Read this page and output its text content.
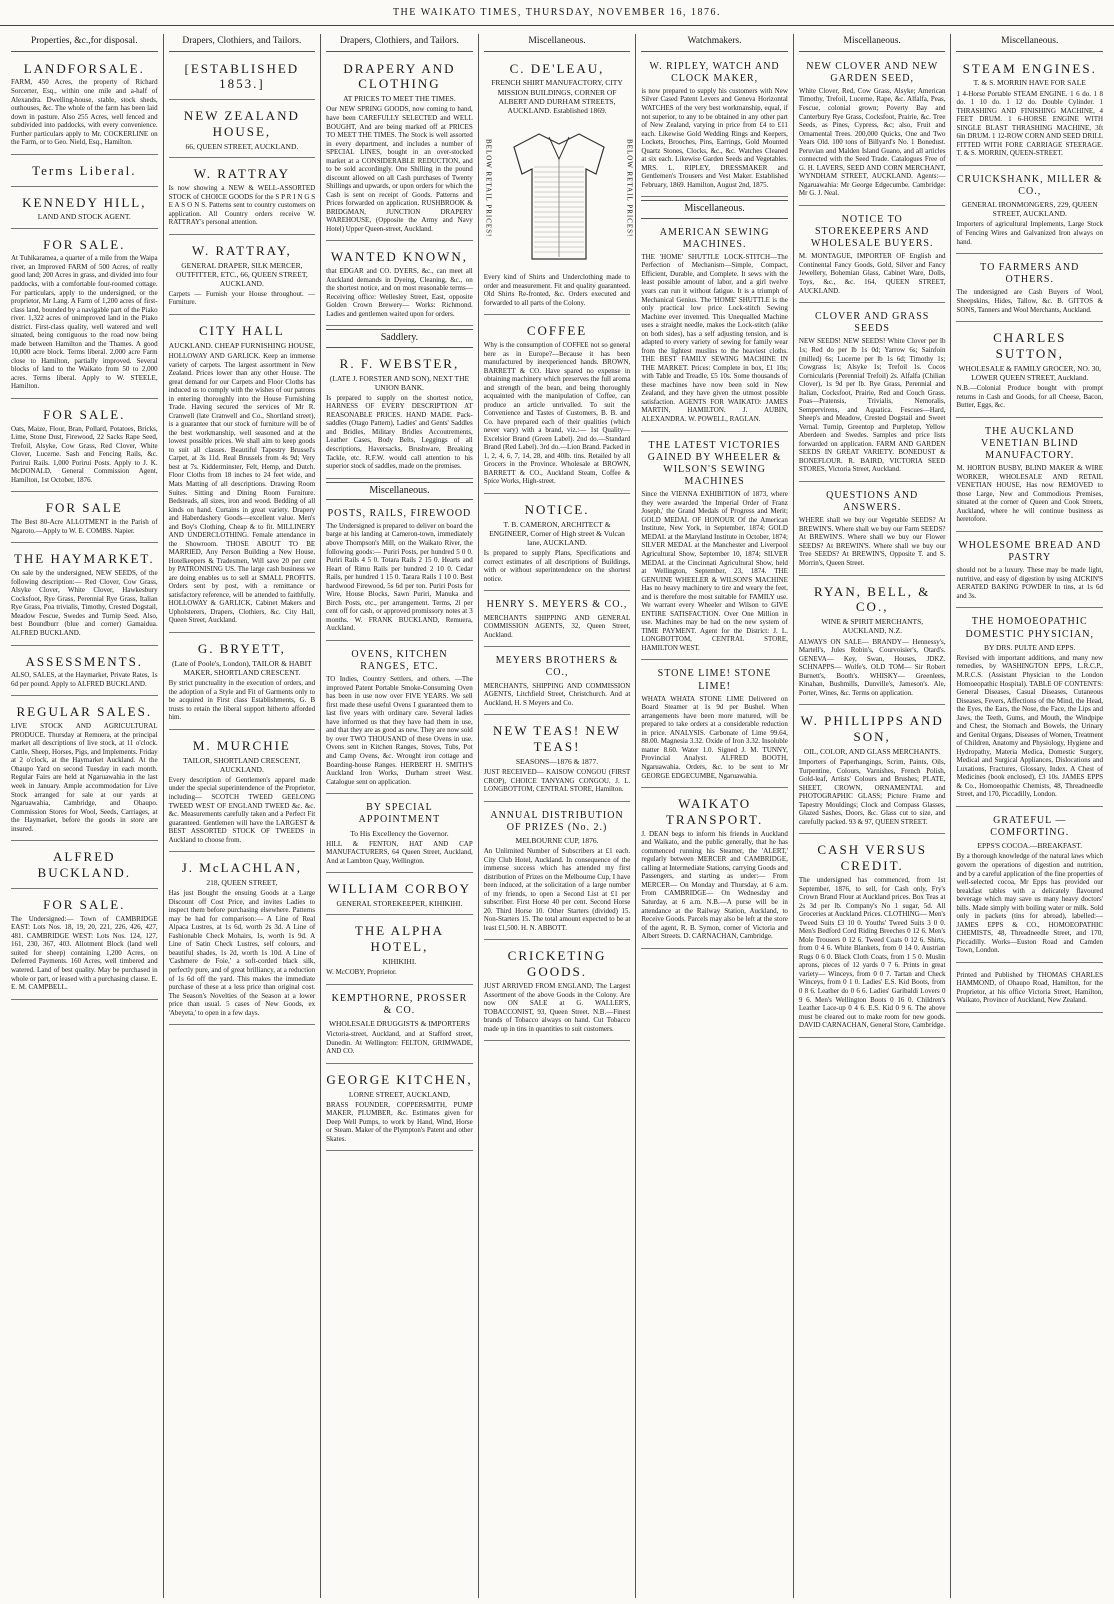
THE WAIKATO TIMES, THURSDAY, NOVEMBER 16, 1876.
Properties, &c.,for disposal.
LANDFORSALE.
FARM, 450 Acres, the property of Richard Sorcerter, Esq., within one mile and a-half of Alexandra. Dwelling-house, stable, stock sheds, outhouses, &c. The whole of the farm has been laid down in pasture. Also 255 Acres, well fenced and subdivided into paddocks, with every convenience. Further particulars apply to Mr. COCKERLINE on the Farm, or to Geo. Nield, Esq., Hamilton.
Terms Liberal.
KENNEDY HILL,
LAND AND STOCK AGENT.
FOR SALE.
At Tuhikaramea, a quarter of a mile from the Waipa river, an Improved FARM of 500 Acres, of really good land; 200 Acres in grass, and divided into four paddocks, with a comfortable four-roomed cottage. For particulars, apply to the undersigned, or the proprietor, Mr Lang. A Farm of 1,200 acres of first-class land, bounded by a navigable part of the Piako river. 1,322 acres of unimproved land in the Piako district. First-class quality, well watered and well situated, being contiguous to the road now being made between Hamilton and the Thames. A good 10,000 acre block. Terms liberal. 2,000 acre Farm close to Hamilton, partially improved. Several blocks of land to the Waikato from 50 to 2,000 acres. Terms liberal. Apply to W. STEELE, Hamilton.
FOR SALE.
Oats, Maize, Flour, Bran, Pollard, Potatoes, Bricks, Lime, Stone Dust, Firewood, 22 Sacks Rape Seed, Trefoil, Alsyke, Cow Grass, Red Clover, White Clover, Lucerne. Sash and Fencing Rails, &c. Porirui Rails. 1,000 Porirui Posts. Apply to J. K. McDONALD, General Commission Agent, Hamilton, 1st October, 1876.
FOR SALE
The Best 80-Acre ALLOTMENT in the Parish of Ngaroto.—Apply to W. E. COMBS. Napier.
THE HAYMARKET.
On sale by the undersigned, NEW SEEDS, of the following description:— Red Clover, Cow Grass, Alsyke Clover, White Clover, Hawkesbury Cocksfoot, Rye Grass, Perennial Rye Grass, Italian Rye Grass, Poa trivialis, Timothy, Crested Dogstail, Meadow Fescue, Swedes and Turnip Seed. Also, best Boundburr (blue and corner) Gamaidua. ALFRED BUCKLAND.
ASSESSMENTS.
ALSO, SALES, at the Haymarket, Private Rates, 1s 6d per pound. Apply to ALFRED BUCKLAND.
REGULAR SALES.
LIVE STOCK AND AGRICULTURAL PRODUCE. Thursday at Remuera, at the principal market all descriptions of live stock, at 11 o'clock. Cattle, Sheep, Horses, Pigs, and Implements. Friday at 2 o'clock, at the Haymarket Auckland. At the Ohaupo Yard on second Tuesday in each month. Regular Fairs are held at Ngaruawahia in the last week in January. Ample accommodation for Live Stock arranged for sale at our yards at Ngaruawahia, Cambridge, and Ohaupo. Commission Stores for Wool, Seeds, Carriages, at the Haymarket, before the goods in store are insured.
ALFRED BUCKLAND.
FOR SALE.
The Undersigned:— Town of CAMBRIDGE EAST: Lots Nos. 18, 19, 20, 221, 226, 426, 427, 481. CAMBRIDGE WEST: Lots Nos. 124, 127, 161, 230, 367, 403. Allotment Block (land well suited for sheep) containing 1,200 Acres, on Deferred Payments. 160 Acres, well timbered and watered. Land of best quality. May be purchased in whole or part, or leased with a purchasing clause. E. E. M. CAMPBELL.
Drapers, Clothiers, and Tailors.
[ESTABLISHED 1853.]
NEW ZEALAND HOUSE,
66, QUEEN STREET, AUCKLAND.
W. RATTRAY
Is now showing a NEW & WELL-ASSORTED STOCK of CHOICE GOODS for the S P R I N G S E A S O N S. Patterns sent to country customers on application. All Country orders receive W. RATTRAY's personal attention.
W. RATTRAY,
GENERAL DRAPER, SILK MERCER, OUTFITTER, ETC., 66, QUEEN STREET, AUCKLAND.
Carpets — Furnish your House throughout. — Furniture.
CITY HALL
AUCKLAND. CHEAP FURNISHING HOUSE,
HOLLOWAY AND GARLICK. Keep an immense variety of carpets. The largest assortment in New Zealand. Prices lower than any other House. The great demand for our Carpets and Floor Cloths has induced us to comply with the wishes of our patrons in entering thoroughly into the House Furnishing Trade. Having secured the services of Mr R. Cranwell (late Cranwell and Co., Shortland street), is a guarantee that our stock of furniture will be of the best workmanship, well seasoned and at the lowest possible prices. We shall aim to keep goods to suit all classes. Beautiful Tapestry Brussel's Carpet, at 3s 11d. Real Brussels from 4s 9d; Very best at 7s. Kidderminster, Felt, Hemp, and Dutch. Floor Cloths from 18 inches to 24 feet wide, and Mats Matting of all descriptions. Drawing Room Suites. Sitting and Dining Room Furniture. Bedsteads, all sizes, iron and wood. Bedding of all kinds on hand. Curtains in great variety. Drapery and Haberdashery Goods—excellent value. Men's and Boy's Clothing, Cheap & to fit. MILLINERY AND UNDERCLOTHING. Female attendance in the Showroom. THOSE ABOUT TO BE MARRIED, Any Person Building a New House, Hotelkeepers & Tradesmen, Will save 20 per cent by PATRONISING US. The large cash business we are doing enables us to sell at SMALL PROFITS. Orders sent by post, with a remittance or satisfactory reference, will be attended to faithfully. HOLLOWAY & GARLICK, Cabinet Makers and Upholsterers, Drapers, Clothiers, &c. City Hall, Queen Street, Auckland.
G. BRYETT,
(Late of Poole's, London), TAILOR & HABIT MAKER, SHORTLAND CRESCENT.
By strict punctuality in the execution of orders, and the adoption of a Style and Fit of Garments only to be acquired in First class Establishments, G. B trusts to retain the liberal support hitherto afforded him.
M. MURCHIE
TAILOR, SHORTLAND CRESCENT, AUCKLAND.
Every description of Gentlemen's apparel made under the special superintendence of the Proprietor, including— SCOTCH TWEED GEELONG TWEED WEST OF ENGLAND TWEED &c. &c. &c. Measurements carefully taken and a Perfect Fit guaranteed. Gentlemen will have the LARGEST & BEST ASSORTED STOCK OF TWEEDS in Auckland to choose from.
J. McLACHLAN,
218, QUEEN STREET,
Has just Bought the ensuing Goods at a Large Discount off Cost Price, and invites Ladies to inspect them before purchasing elsewhere. Patterns may be had for comparison:— A Line of Real Alpaca Lustres, at 1s 6d, worth 2s 3d. A Line of Fashionable Check Mohairs, 1s, worth 1s 9d. A Line of Satin Check Lustres, self colours, and beautiful shades, 1s 2d, worth 1s 10d. A Line of 'Cashmere de Foie,' a soft-corded black silk, perfectly pure, and of great brilliancy, at a reduction of 1s 6d off the yard. This makes the immediate purchase of these at a less price than original cost. The Season's Novelties of the Season at a lower price than usual. 5 cases of New Goods, ex 'Abeyeta,' to open in a few days.
Drapers, Clothiers, and Tailors.
DRAPERY AND CLOTHING
AT PRICES TO MEET THE TIMES.
Our NEW SPRING GOODS, now coming to hand, have been CAREFULLY SELECTED and WELL BOUGHT, And are being marked off at PRICES TO MEET THE TIMES. The Stock is well assorted in every department, and includes a number of SPECIAL LINES, bought in an over-stocked market at a CONSIDERABLE REDUCTION, and to be sold accordingly. One Shilling in the pound discount allowed on all Cash purchases of Twenty Shillings and upwards, or upon orders for which the Cash is sent on receipt of Goods. Patterns and Prices forwarded on application. RUSHBROOK & BRIDGMAN, JUNCTION DRAPERY WAREHOUSE, (Opposite the Army and Navy Hotel) Upper Queen-street, Auckland.
WANTED KNOWN,
that EDGAR and CO. DYERS, &c., can meet all Auckland demands in Dyeing, Cleaning, &c., on the shortest notice, and on most reasonable terms—Receiving office: Wellesley Street, East, opposite Golden Crown Brewery— Works: Richmond. Ladies and gentlemen waited upon for orders.
Saddlery.
R. F. WEBSTER,
(LATE J. FORSTER AND SON), NEXT THE UNION BANK.
Is prepared to supply on the shortest notice, HARNESS OF EVERY DESCRIPTION AT REASONABLE PRICES. HAND MADE. Pack-saddles (Otago Pattern), Ladies' and Gents' Saddles and Bridles, Military Bridles Accoutrements, Leather Cases, Body Belts, Leggings of all descriptions, Haversacks, Brushware, Breaking Tackle, etc. R.F.W. would call attention to his superior stock of saddles, made on the premises.
Miscellaneous.
POSTS, RAILS, FIREWOOD
The Undersigned is prepared to deliver on board the barge at his landing at Cameron-town, immediately above Thompson's Mill, on the Waikato River, the following goods:— Puriri Posts, per hundred 5 0 0. Puriri Rails 4 5 0. Totara Rails 2 15 0. Hearts and Heart of Rimu Rails per hundred 2 10 0. Cedar Rails, per hundred 1 15 0. Tarara Rails 1 10 0. Best hardwood Firewood, 5s 6d per ton. Puriri Posts for Wire, House Blocks, Sawn Puriri, Manuka and Birch Posts, etc., per arrangement. Terms, 2l per cent off for cash, or approved promissory notes at 3 months. W. FRANK BUCKLAND, Remuera, Auckland.
OVENS, KITCHEN RANGES, ETC.
TO Indies, Country Settlers, and others. —The improved Patent Portable Smoke-Consuming Oven has been in use now over FIVE YEARS. We sell first made these useful Ovens I guaranteed them to last five years with ordinary care. Several ladies have informed us that they have had them in use, and that they are as good as new. They are now sold by over TWO THOUSAND of these Ovens in use. Ovens sent in Kitchen Ranges, Stoves, Tubs, Pot and Camp Ovens, &c. Wrought iron cottage and Boarding-house Ranges. HERBERT H. SMITH'S Auckland Iron Works, Durham street West. Catalogue sent on application.
BY SPECIAL APPOINTMENT
To His Excellency the Governor.
HILL & FENTON, HAT AND CAP MANUFACTURERS, 64 Queen Street, Auckland, And at Lambton Quay, Wellington.
WILLIAM CORBOY
GENERAL STOREKEEPER, KIHIKIHI.
THE ALPHA HOTEL,
KIHIKIHI.
W. McCOBY, Proprietor.
KEMPTHORNE, PROSSER & CO.
WHOLESALE DRUGGISTS & IMPORTERS
Victoria-street, Auckland, and at Stafford street, Dunedin. At Wellington: FELTON, GRIMWADE, AND CO.
GEORGE KITCHEN,
LORNE STREET, AUCKLAND,
BRASS FOUNDER, COPPERSMITH, PUMP MAKER, PLUMBER, &c. Estimates given for Deep Well Pumps, to work by Hand, Wind, Horse or Steam. Maker of the Plympton's Patent and other Skates.
Miscellaneous.
C. DE'LEAU,
FRENCH SHIRT MANUFACTORY, CITY MISSION BUILDINGS, CORNER OF ALBERT AND DURHAM STREETS, AUCKLAND. Established 1869.
BELOW RETAIL PRICES!	BELOW RETAIL PRICES!
Every kind of Shirts and Underclothing made to order and measurement. Fit and quality guaranteed. Old Shirts Re-fronted, &c. Orders executed and forwarded to all parts of the Colony.
COFFEE
Why is the consumption of COFFEE not so general here as in Europe?—Because it has been manufactured by inexperienced hands. BROWN, BARRETT & CO. Have spared no expense in obtaining machinery which preserves the full aroma and strength of the bean, and being thoroughly acquainted with the manipulation of Coffee, can produce an article unrivalled. To suit the Convenience and Tastes of Customers, B. B. and Co. have prepared each of their qualities (which never vary) with a brand, viz.:— 1st Quality—Excelsior Brand (Green Label). 2nd do.—Standard Brand (Red Label). 3rd do.—Lion Brand. Packed in 1, 2, 4, 6, 7, 14, 28, and 40lb. tins. Retailed by all Grocers in the Province. Wholesale at BROWN, BARRETT & CO., Auckland Steam, Coffee & Spice Works, High-street.
NOTICE.
T. B. CAMERON, ARCHITECT & ENGINEER, Corner of High street & Vulcan lane, AUCKLAND.
Is prepared to supply Plans, Specifications and correct estimates of all descriptions of Buildings, with or without superintendence on the shortest notice.
HENRY S. MEYERS & CO.,
MERCHANTS SHIPPING AND GENERAL COMMISSION AGENTS, 32, Queen Street, Auckland.
MEYERS BROTHERS & CO.,
MERCHANTS, SHIPPING AND COMMISSION AGENTS, Litchfield Street, Christchurch. And at Auckland, H. S Meyers and Co.
NEW TEAS! NEW TEAS!
SEASONS—1876 & 1877.
JUST RECEIVED— KAISOW CONGOU (FIRST CROP), CHOICE TANYANG CONGOU. J. L. LONGBOTTOM, CENTRAL STORE, Hamilton.
ANNUAL DISTRIBUTION OF PRIZES (No. 2.)
MELBOURNE CUP, 1876.
An Unlimited Number of Subscribers at £1 each. City Club Hotel, Auckland. In consequence of the immense success which has attended my first distribution of Prizes on the Melbourne Cup, I have been induced, at the solicitation of a large number of my friends, to open a Second List at £1 per subscriber. First Horse 40 per cent. Second Horse 20. Third Horse 10. Other Starters (divided) 15. Non-Starters 15. The total amount expected to be at least £1,500. H. N. ABBOTT.
CRICKETING GOODS.
JUST ARRIVED FROM ENGLAND, The Largest Assortment of the above Goods in the Colony. Are now ON SALE at G. WALLER'S, TOBACCONIST, 93, Queen Street. N.B.—Finest brands of Tobacco always on hand. Cut Tobacco made up in tins in quantities to suit customers.
Watchmakers.
W. RIPLEY, WATCH AND CLOCK MAKER,
is now prepared to supply his customers with New Silver Cased Patent Levers and Geneva Horizontal WATCHES of the very best workmanship, equal, if not superior, to any to be obtained in any other part of New Zealand, varying in price from £4 to £11 each. Likewise Gold Wedding Rings and Keepers, Lockets, Brooches, Pins, Earrings, Gold Mounted Quartz Stones, Clocks, &c., &c. Watches Cleaned at six each. Likewise Garden Seeds and Vegetables. MRS. L. RIPLEY, DRESSMAKER and Gentlemen's Trousers and Vest Maker. Established February, 1869. Hamilton, August 2nd, 1875.
Miscellaneous.
AMERICAN SEWING MACHINES.
THE 'HOME' SHUTTLE LOCK-STITCH—The Perfection of Mechanism—Simple, Compact, Efficient, Durable, and Complete. It sews with the least possible amount of labor, and a girl twelve years can run it without fatigue. It is a triumph of Mechanical Genius. The 'HOME' SHUTTLE is the only practical low price Lock-stitch Sewing Machine ever invented. This Unequalled Machine uses a straight needle, makes the Lock-stitch (alike on both sides), has a self adjusting tension, and is adapted to every variety of sewing for family wear from the lightest muslins to the heaviest cloths. THE BEST FAMILY SEWING MACHINE IN THE MARKET. Prices: Complete in box, £1 10s; with Table and Treadle, £5 10s. Some thousands of these machines have now been sold in New Zealand, and they have given the utmost possible satisfaction. AGENTS FOR WAIKATO: JAMES MARTIN, HAMILTON. J. AUBIN, ALEXANDRA. W. POWELL, RAGLAN.
THE LATEST VICTORIES GAINED BY WHEELER & WILSON'S SEWING MACHINES
Since the VIENNA EXHIBITION of 1873, where they were awarded 'the Imperial Order of Franz Joseph,' the Grand Medals of Progress and Merit; GOLD MEDAL OF HONOUR Of the American Institute, New York, in September, 1874; GOLD MEDAL at the Maryland Institute in October, 1874; SILVER MEDAL at the Manchester and Liverpool Agricultural Show, September 10, 1874; SILVER MEDAL at the Cincinnati Agricultural Show, held at Wellington, September, 23, 1874. THE GENUINE WHEELER & WILSON'S MACHINE Has no heavy machinery to tire and weary the feet, and is therefore the most suitable for FAMILY use. We warrant every Wheeler and Wilson to GIVE ENTIRE SATISFACTION. Over One Million in use. Machines may be had on the new system of TIME PAYMENT. Agent for the District: J. L. LONGBOTTOM, CENTRAL STORE, HAMILTON WEST.
STONE LIME! STONE LIME!
WHATA WHATA STONE LIME Delivered on Board Steamer at 1s 9d per Bushel. When arrangements have been more matured, will be prepared to take orders at a considerable reduction in price. ANALYSIS. Carbonate of Lime 99.64, 88.00. Magnesia 3.32. Oxide of Iron 3.32. Insoluble matter 8.60. Water 1.0. Signed J. M. TUNNY, Provincial Analyst. ALFRED BOOTH, Ngaruawahia. Orders, &c. to be sent to Mr GEORGE EDGECUMBE, Ngaruawahia.
WAIKATO TRANSPORT.
J. DEAN begs to inform his friends in Auckland and Waikato, and the public generally, that he has commenced running his Steamer, the 'ALERT,' regularly between MERCER and CAMBRIDGE, calling at Intermediate Stations, carrying Goods and Passengers, and starting as under:— From MERCER— On Monday and Thursday, at 6 a.m. From CAMBRIDGE— On Wednesday and Saturday, at 6 a.m. N.B.—A purse will be in attendance at the Railway Station, Auckland, to Receive Goods. Parcels may also be left at the store of the agent, R. B. Symon, corner of Victoria and Albert Streets. D. CARNACHAN, Cambridge.
Miscellaneous.
NEW CLOVER AND NEW GARDEN SEED,
White Clover, Red, Cow Grass, Alsyke; American Timothy, Trefoil, Lucerne, Rape, &c. Alfalfa, Peas, Fescue, colonial grown; Poverty Bay and Canterbury Rye Grass, Cocksfoot, Prairie, &c. Tree Seeds, as Pines, Cypress, &c; also, Fruit and Ornamental Trees. 200,000 Quicks, One and Two Years Old. 100 tons of Billyard's No. 1 Bonedust. Peruvian and Malden Island Guano, and all articles connected with the Seed Trade. Catalogues Free of G. H. LAVERS, SEED AND CORN MERCHANT, WYNDHAM STREET, AUCKLAND. Agents:—Ngaruawahia: Mr George Edgecumbe. Cambridge: Mr G. J. Neal.
NOTICE TO STOREKEEPERS AND WHOLESALE BUYERS.
M. MONTAGUE, IMPORTER OF English and Continental Fancy Goods, Gold, Silver and Fancy Jewellery, Bohemian Glass, Cabinet Ware, Dolls, Toys, &c., &c. 164, QUEEN STREET, AUCKLAND.
CLOVER AND GRASS SEEDS
NEW SEEDS! NEW SEEDS! White Clover per lb 1s; Red do per lb 1s 0d; Yarrow 6s; Sainfoin (milled) 6s; Lucerne per lb 1s 6d; Timothy 1s; Cowgrass 1s; Alsyke 1s; Trefoil 1s. Cocos Cornicularis (Perennial Trefoil) 2s. Alfalfa (Chilian Clover), 1s 9d per lb. Rye Grass, Perennial and Italian, Cocksfoot, Prairie, Red and Couch Grass. Poas—Pratensis, Trivialis, Nemoralis, Sempervirens, and Aquatica. Fescues—Hard, Sheep's and Meadow, Crested Dogstail and Sweet Vernal. Turnip, Greentop and Purpletop, Yellow Aberdeen and Swedes. Samples and price lists forwarded on application. FARM AND GARDEN SEEDS IN GREAT VARIETY. BONEDUST & BONEFLOUR. R. BAIRD, VICTORIA SEED STORES, Victoria Street, Auckland.
QUESTIONS AND ANSWERS.
WHERE shall we buy our Vegetable SEEDS? At BREWIN'S. Where shall we buy our Farm SEEDS? At BREWIN'S. Where shall we buy our Flower SEEDS? At BREWIN'S. Where shall we buy our Tree SEEDS? At BREWIN'S, Opposite T. and S. Morrin's, Queen Street.
RYAN, BELL, & CO.,
WINE & SPIRIT MERCHANTS, AUCKLAND, N.Z.
ALWAYS ON SALE— BRANDY— Hennessy's, Martell's, Jules Robin's, Courvoisier's, Otard's. GENEVA— Key, Swan, Houses, JDKZ. SCHNAPPS— Wolfe's. OLD TOM— Sir Robert Burnett's, Booth's. WHISKY— Greenlees, Kinahan, Bushmills, Dunville's, Jameson's. Ale, Porter, Wines, &c. Terms on application.
W. PHILLIPPS AND SON,
OIL, COLOR, AND GLASS MERCHANTS.
Importers of Paperhangings, Scrim, Paints, Oils, Turpentine, Colours, Varnishes, French Polish, Gold-leaf, Artists' Colours and Brushes; PLATE, SHEET, CROWN, ORNAMENTAL and PHOTOGRAPHIC GLASS; Picture Frame and Tapestry Mouldings; Clock and Compass Glasses, Glazed Sashes, Doors, &c. Glass cut to size, and carefully packed. 93 & 97, QUEEN STREET.
CASH VERSUS CREDIT.
The undersigned has commenced, from 1st September, 1876, to sell, for Cash only, Fry's Crown Brand Flour at Auckland prices. Box Teas at 2s 3d per lb. Company's No 1 sugar, 5d. All Groceries at Auckland Prices. CLOTHING— Men's Tweed Suits £3 10 0. Youths' Tweed Suits 3 0 0. Men's Bedford Cord Riding Breeches 0 12 6. Men's Mole Trousers 0 12 6. Tweed Coats 0 12 6. Shirts, from 0 4 6. White Blankets, from 0 14 0. Austrian Rugs 0 6 0. Black Cloth Coats, from 1 5 0. Muslin aprons, pieces of 12 yards 0 7 6. Prints in great variety— Winceys, from 0 0 7. Tartan and Check Winceys, from 0 1 0. Ladies' E.S. Kid Boots, from 0 8 6. Leather do 0 6 6. Ladies' Garibaldi Lovers 0 9 6. Men's Wellington Boots 0 16 0. Children's Leather Lace-up 0 4 6. E.S. Kid 0 9 6. The above must be cleared out to make room for new goods. DAVID CARNACHAN, General Store, Cambridge.
Miscellaneous.
STEAM ENGINES.
T. & S. MORRIN HAVE FOR SALE
1 4-Horse Portable STEAM ENGINE. 1 6 do. 1 8 do. 1 10 do. 1 12 do. Double Cylinder. 1 THRASHING AND FINISHING MACHINE, 4 FEET DRUM. 1 6-HORSE ENGINE WITH SINGLE BLAST THRASHING MACHINE, 3ft 6in DRUM. 1 12-ROW CORN AND SEED DRILL FITTED WITH FORE CARRIAGE STEERAGE. T. & S. MORRIN, QUEEN-STREET.
CRUICKSHANK, MILLER & CO.,
GENERAL IRONMONGERS, 229, QUEEN STREET, AUCKLAND.
Importers of agricultural Implements, Large Stock of Fencing Wires and Galvanized Iron always on hand.
TO FARMERS AND OTHERS.
The undersigned are Cash Buyers of Wool, Sheepskins, Hides, Tallow, &c. B. GITTOS & SONS, Tanners and Wool Merchants, Auckland.
CHARLES SUTTON,
WHOLESALE & FAMILY GROCER, NO. 30, LOWER QUEEN STREET, Auckland.
N.B.—Colonial Produce bought with prompt returns in Cash and Goods, for all Cheese, Bacon, Butter, Eggs, &c.
THE AUCKLAND VENETIAN BLIND MANUFACTORY.
M. HORTON BUSBY, BLIND MAKER & WIRE WORKER, WHOLESALE AND RETAIL VENETIAN HOUSE, Has now REMOVED to those Large, New and Commodious Premises, situated at the corner of Queen and Cook Streets, Auckland, where he will continue business as heretofore.
WHOLESOME BREAD AND PASTRY
should not be a luxury. These may be made light, nutritive, and easy of digestion by using AICKIN'S AERATED BAKING POWDER In tins, at 1s 6d and 3s.
THE HOMOEOPATHIC DOMESTIC PHYSICIAN,
BY DRS. PULTE AND EPPS.
Revised with important additions, and many new remedies, by WASHINGTON EPPS, L.R.C.P., M.R.C.S. (Assistant Physician to the London Homoeopathic Hospital). TABLE OF CONTENTS: General Diseases, Casual Diseases, Cutaneous Diseases, Fevers, Affections of the Mind, the Head, the Eyes, the Ears, the Nose, the Face, the Lips and Jaws, the Teeth, Gums, and Mouth, the Windpipe and Chest, the Stomach and Bowels, the Urinary and Genital Organs, Diseases of Women, Treatment of Children, Anatomy and Physiology, Hygiene and Hydropathy, Materia Medica, Domestic Surgery, Medical and Surgical Appliances, Dislocations and Luxations, Fractures, Glossary, Index. A Chest of Medicines (book enclosed), £3 10s. JAMES EPPS & Co., Homoeopathic Chemists, 48, Threadneedle Street, and 170, Piccadilly, London.
GRATEFUL — COMFORTING.
EPPS'S COCOA.—BREAKFAST.
By a thorough knowledge of the natural laws which govern the operations of digestion and nutrition, and by a careful application of the fine properties of well-selected cocoa, Mr Epps has provided our breakfast tables with a delicately flavoured beverage which may save us many heavy doctors' bills. Made simply with boiling water or milk. Sold only in packets (tins for abroad), labelled:— JAMES EPPS & CO., HOMOEOPATHIC CHEMISTS, 48, Threadneedle Street, and 170, Piccadilly. Works—Euston Road and Camden Town, London.
Printed and Published by THOMAS CHARLES HAMMOND, of Ohaupo Road, Hamilton, for the Proprietor, at his office Victoria Street, Hamilton, Waikato, Province of Auckland, New Zealand.
